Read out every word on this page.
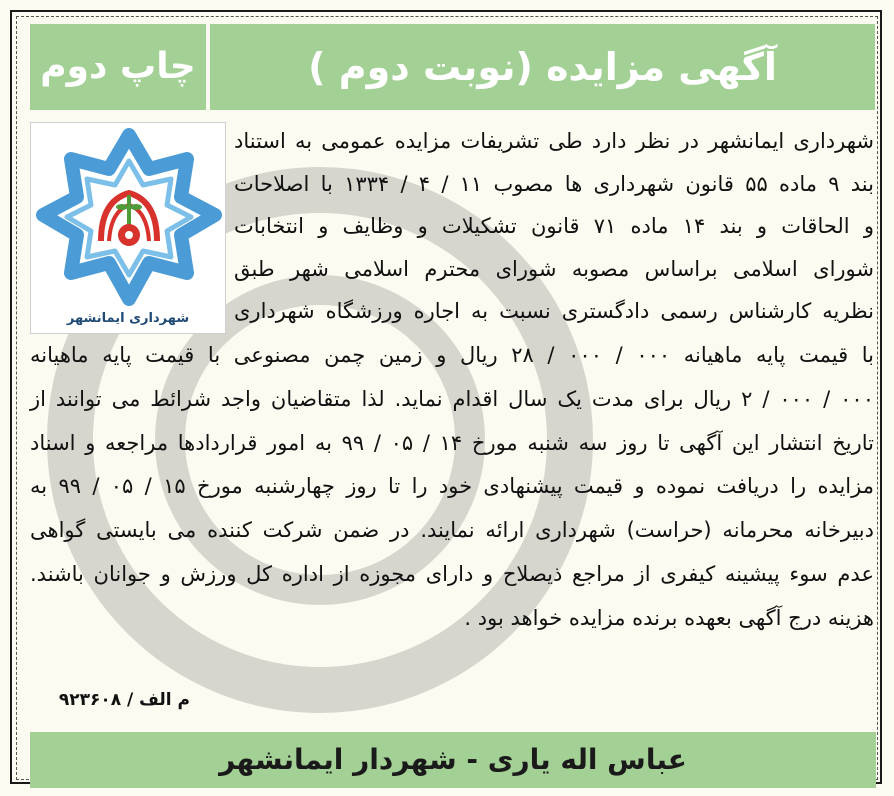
آگهی مزایده (نوبت دوم )
چاپ دوم
شهرداری ایمانشهر
شهرداری ایمانشهر در نظر دارد طی تشریفات مزایده عمومی به استناد
بند ۹ ماده ۵۵ قانون شهرداری ها مصوب ۱۱ / ۴ / ۱۳۳۴ با اصلاحات
و الحاقات و بند ۱۴ ماده ۷۱ قانون تشکیلات و وظایف و انتخابات
شورای اسلامی براساس مصوبه شورای محترم اسلامی شهر طبق
نظریه کارشناس رسمی دادگستری نسبت به اجاره ورزشگاه شهرداری
با قیمت پایه ماهیانه ۰۰۰ / ۰۰۰ / ۲۸ ریال و زمین چمن مصنوعی با قیمت پایه ماهیانه
۰۰۰ / ۰۰۰ / ۲ ریال برای مدت یک سال اقدام نماید. لذا متقاضیان واجد شرائط می توانند از
تاریخ انتشار این آگهی تا روز سه شنبه مورخ ۱۴ / ۰۵ / ۹۹ به امور قراردادها مراجعه و اسناد
مزایده را دریافت نموده و قیمت پیشنهادی خود را تا روز چهارشنبه مورخ ۱۵ / ۰۵ / ۹۹ به
دبیرخانه محرمانه (حراست) شهرداری ارائه نمایند. در ضمن شرکت کننده می بایستی گواهی
عدم سوء پیشینه کیفری از مراجع ذیصلاح و دارای مجوزه از اداره کل ورزش و جوانان باشند.
هزینه درج آگهی بعهده برنده مزایده خواهد بود .
م الف / ۹۲۳۶۰۸
عباس اله یاری - شهردار ایمانشهر
